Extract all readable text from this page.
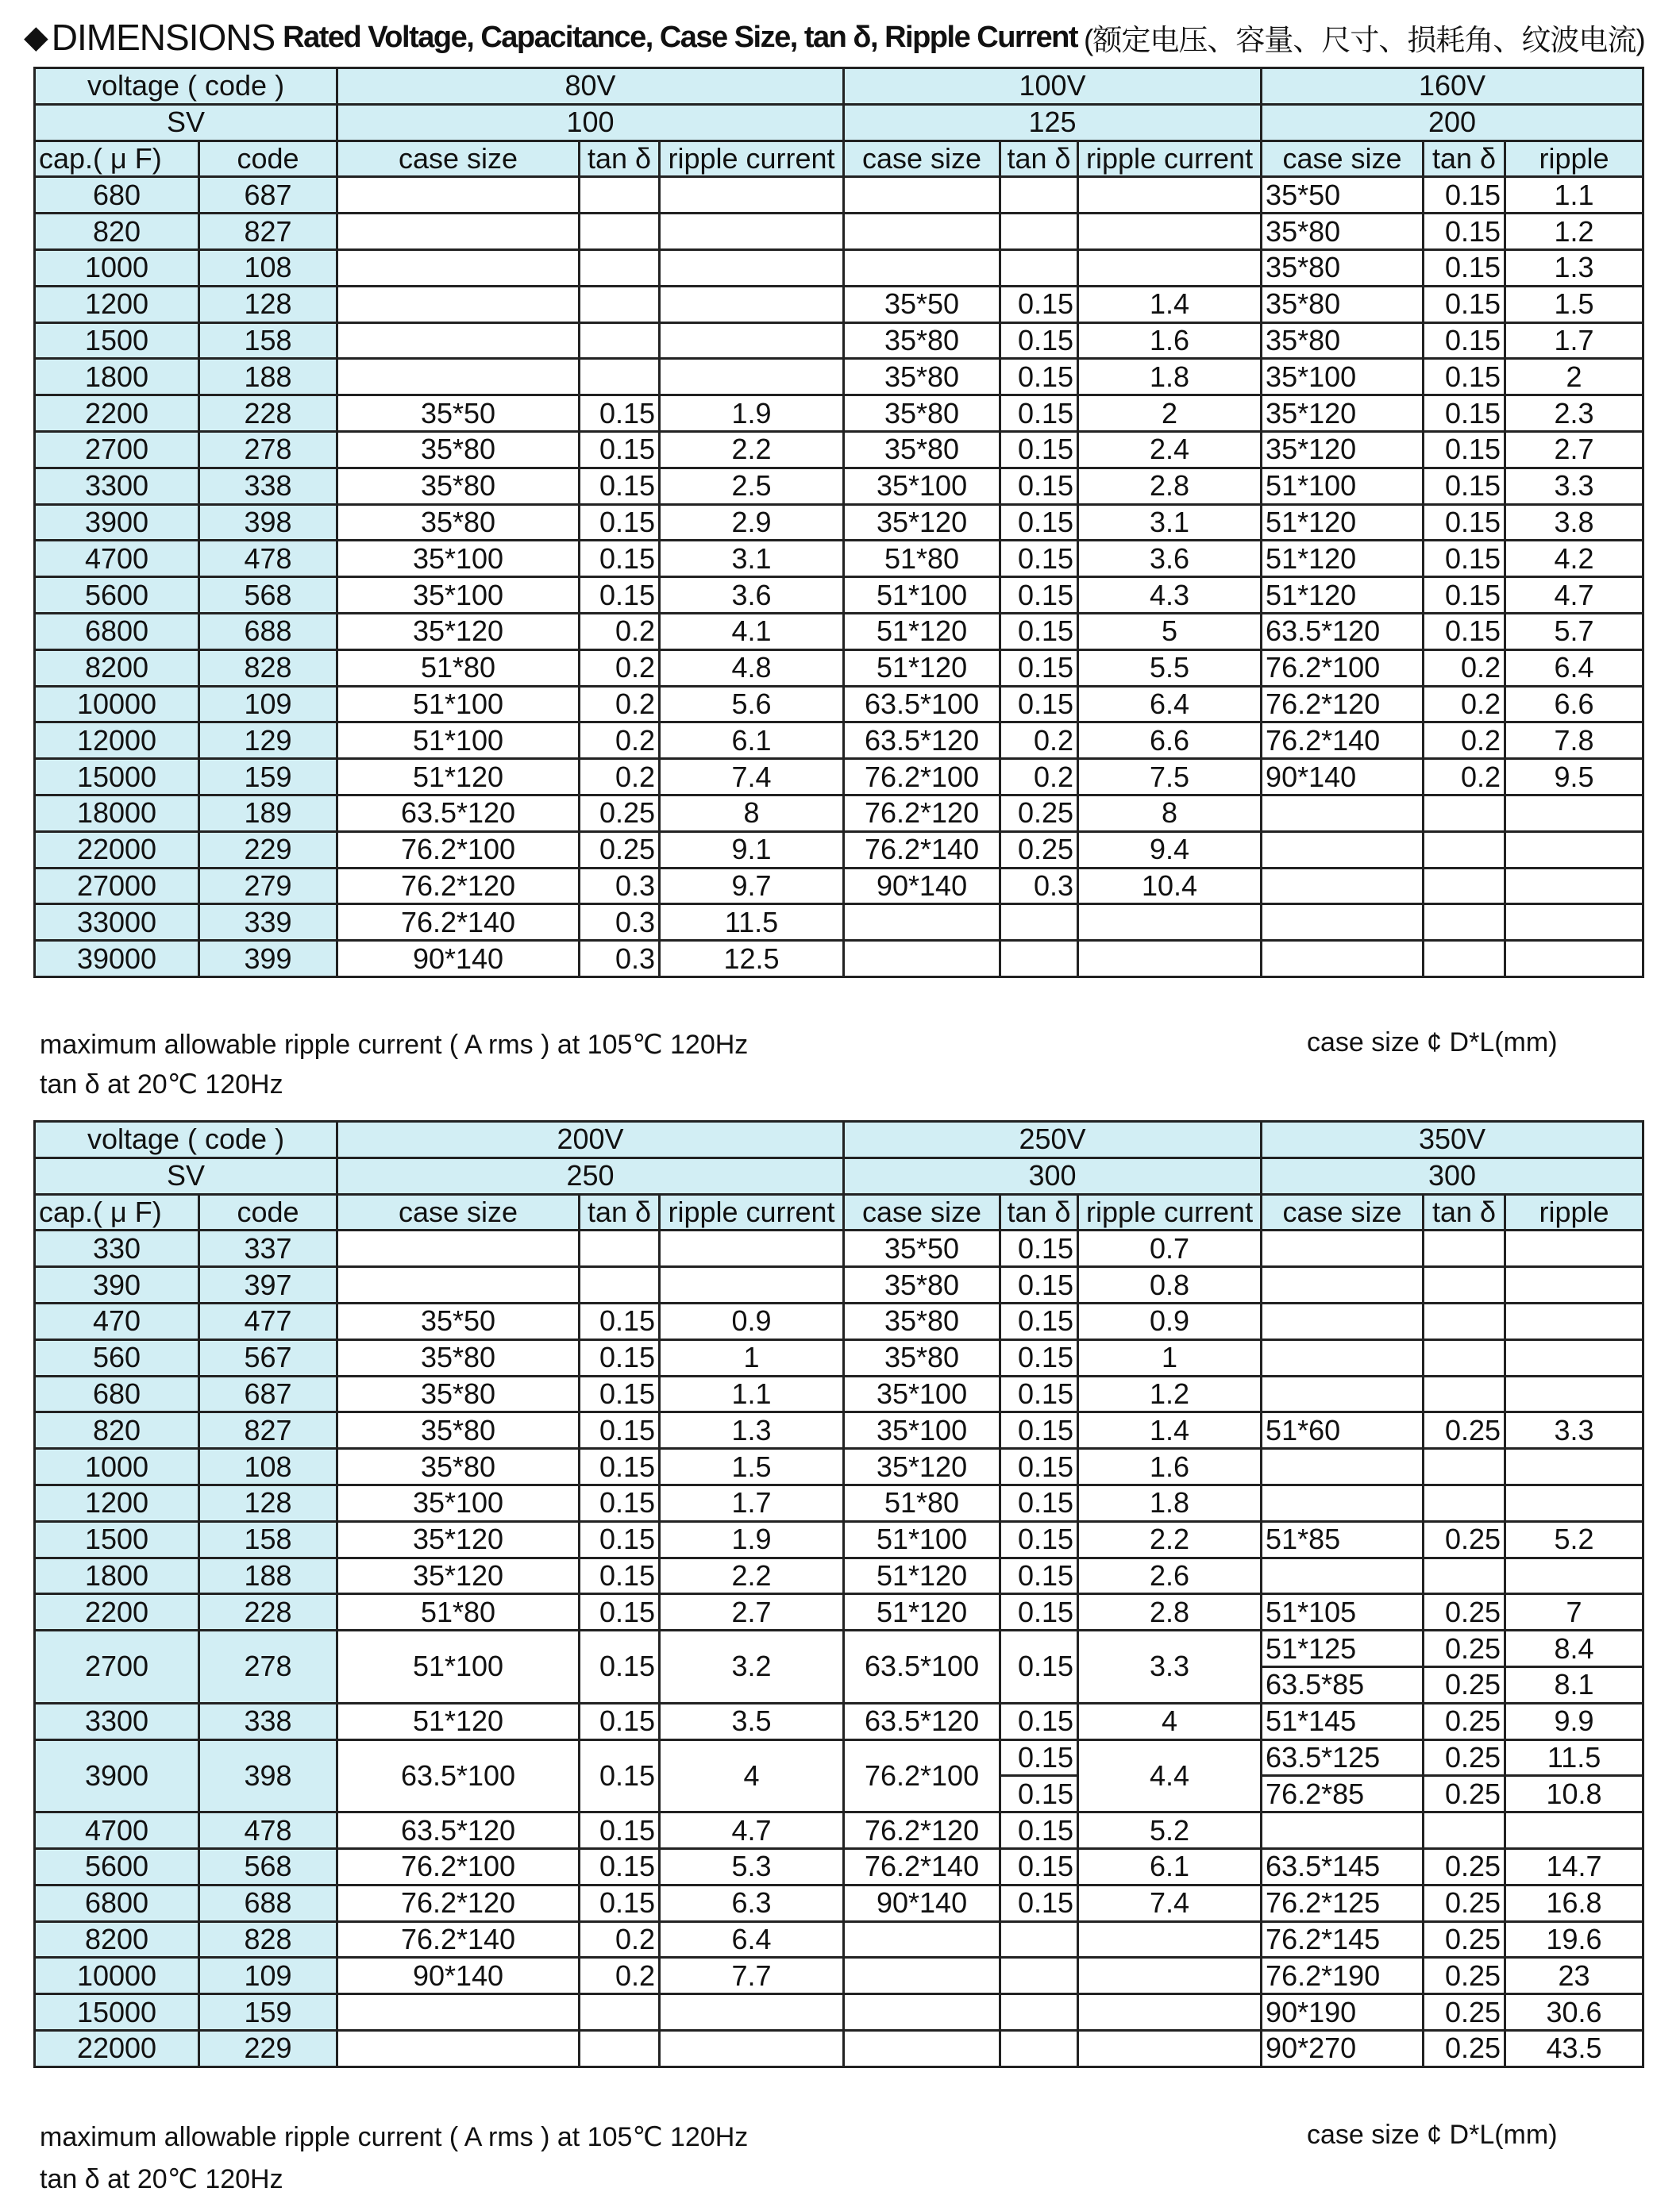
◆ DIMENSIONS Rated Voltage, Capacitance, Case Size, tan δ, Ripple Current (额定电压、容量、尺寸、损耗角、纹波电流)
voltage ( code )		80V			100V			160V		
SV		100			125			200		
cap.( μ F)	code	case size	tan δ	ripple current	case size	tan δ	ripple current	case size	tan δ	ripple
680	687							35*50	0.15	1.1
820	827							35*80	0.15	1.2
1000	108							35*80	0.15	1.3
1200	128				35*50	0.15	1.4	35*80	0.15	1.5
1500	158				35*80	0.15	1.6	35*80	0.15	1.7
1800	188				35*80	0.15	1.8	35*100	0.15	2
2200	228	35*50	0.15	1.9	35*80	0.15	2	35*120	0.15	2.3
2700	278	35*80	0.15	2.2	35*80	0.15	2.4	35*120	0.15	2.7
3300	338	35*80	0.15	2.5	35*100	0.15	2.8	51*100	0.15	3.3
3900	398	35*80	0.15	2.9	35*120	0.15	3.1	51*120	0.15	3.8
4700	478	35*100	0.15	3.1	51*80	0.15	3.6	51*120	0.15	4.2
5600	568	35*100	0.15	3.6	51*100	0.15	4.3	51*120	0.15	4.7
6800	688	35*120	0.2	4.1	51*120	0.15	5	63.5*120	0.15	5.7
8200	828	51*80	0.2	4.8	51*120	0.15	5.5	76.2*100	0.2	6.4
10000	109	51*100	0.2	5.6	63.5*100	0.15	6.4	76.2*120	0.2	6.6
12000	129	51*100	0.2	6.1	63.5*120	0.2	6.6	76.2*140	0.2	7.8
15000	159	51*120	0.2	7.4	76.2*100	0.2	7.5	90*140	0.2	9.5
18000	189	63.5*120	0.25	8	76.2*120	0.25	8			
22000	229	76.2*100	0.25	9.1	76.2*140	0.25	9.4			
27000	279	76.2*120	0.3	9.7	90*140	0.3	10.4			
33000	339	76.2*140	0.3	11.5						
39000	399	90*140	0.3	12.5						
maximum allowable ripple current ( A rms ) at 105℃ 120Hz	case size ¢ D*L(mm)
tan δ at 20℃ 120Hz
voltage ( code )		200V			250V			350V		
SV		250			300			300		
cap.( μ F)	code	case size	tan δ	ripple current	case size	tan δ	ripple current	case size	tan δ	ripple
330	337				35*50	0.15	0.7			
390	397				35*80	0.15	0.8			
470	477	35*50	0.15	0.9	35*80	0.15	0.9			
560	567	35*80	0.15	1	35*80	0.15	1			
680	687	35*80	0.15	1.1	35*100	0.15	1.2			
820	827	35*80	0.15	1.3	35*100	0.15	1.4	51*60	0.25	3.3
1000	108	35*80	0.15	1.5	35*120	0.15	1.6			
1200	128	35*100	0.15	1.7	51*80	0.15	1.8			
1500	158	35*120	0.15	1.9	51*100	0.15	2.2	51*85	0.25	5.2
1800	188	35*120	0.15	2.2	51*120	0.15	2.6			
2200	228	51*80	0.15	2.7	51*120	0.15	2.8	51*105	0.25	7
2700	278	51*100	0.15	3.2	63.5*100	0.15	3.3	51*125	0.25	8.4
								63.5*85	0.25	8.1
3300	338	51*120	0.15	3.5	63.5*120	0.15	4	51*145	0.25	9.9
3900	398	63.5*100	0.15	4	76.2*100	0.15	4.4	63.5*125	0.25	11.5
						0.15		76.2*85	0.25	10.8
4700	478	63.5*120	0.15	4.7	76.2*120	0.15	5.2			
5600	568	76.2*100	0.15	5.3	76.2*140	0.15	6.1	63.5*145	0.25	14.7
6800	688	76.2*120	0.15	6.3	90*140	0.15	7.4	76.2*125	0.25	16.8
8200	828	76.2*140	0.2	6.4				76.2*145	0.25	19.6
10000	109	90*140	0.2	7.7				76.2*190	0.25	23
15000	159							90*190	0.25	30.6
22000	229							90*270	0.25	43.5
maximum allowable ripple current ( A rms ) at 105℃ 120Hz	case size ¢ D*L(mm)
tan δ at 20℃ 120Hz
